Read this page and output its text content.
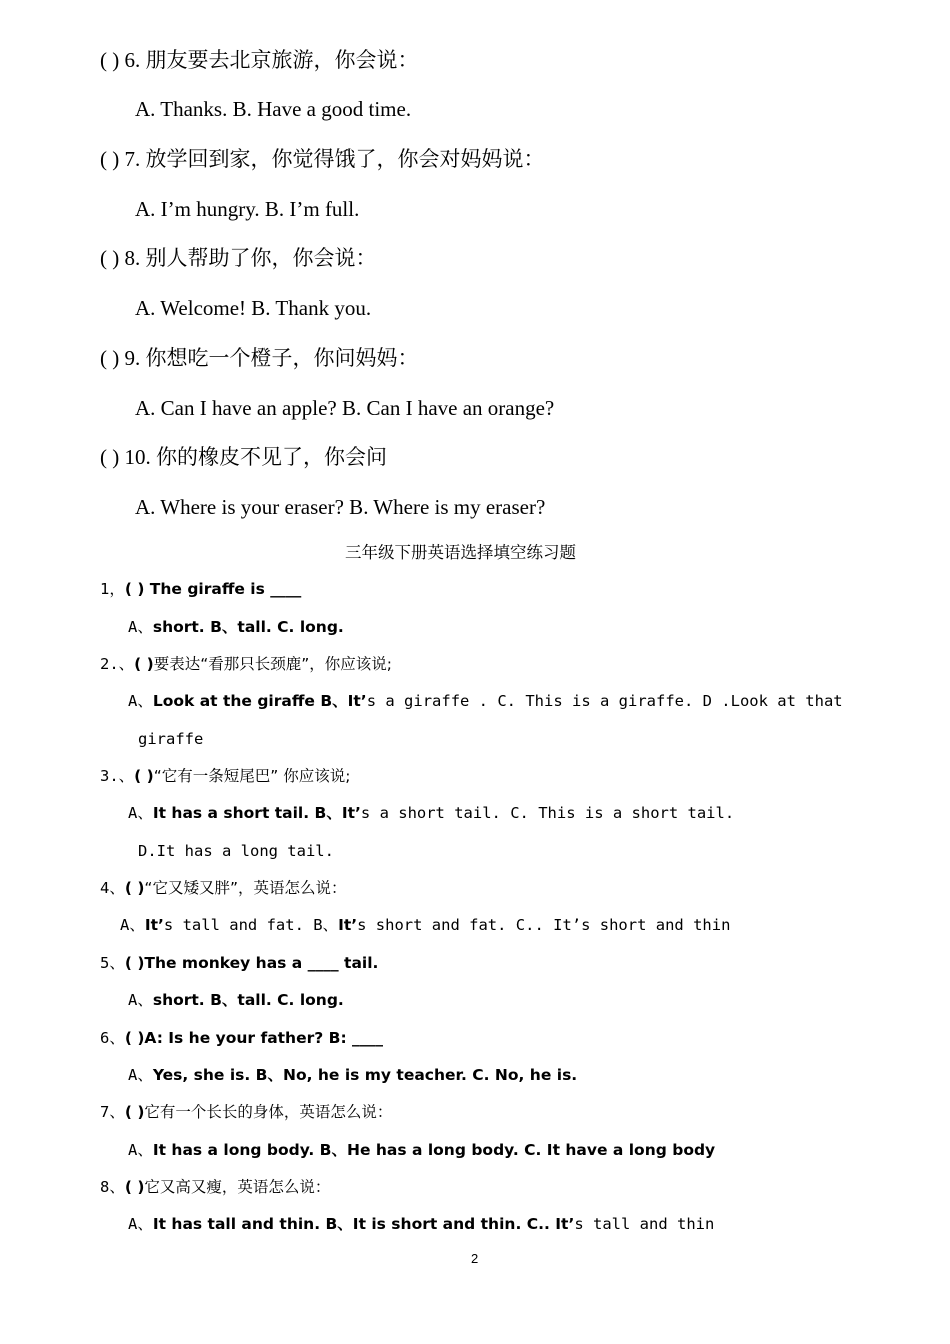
( ) 6. 朋友要去北京旅游，你会说：
A. Thanks. B. Have a good time.
( ) 7. 放学回到家，你觉得饿了，你会对妈妈说：
A. I’m hungry. B. I’m full.
( ) 8. 别人帮助了你，你会说：
A. Welcome! B. Thank you.
( ) 9. 你想吃一个橙子，你问妈妈：
A. Can I have an apple? B. Can I have an orange?
( ) 10. 你的橡皮不见了，你会问
A. Where is your eraser? B. Where is my eraser?
三年级下册英语选择填空练习题
1，( ) The giraffe is ____
A、short. B、tall. C. long.
2.、( )要表达“看那只长颈鹿”，你应该说;
A、Look at the giraffe B、It’s a giraffe . C. This is a giraffe. D .Look at that
giraffe
3.、( )“它有一条短尾巴” 你应该说;
A、It has a short tail. B、It’s a short tail. C. This is a short tail.
D.It has a long tail.
4、( )“它又矮又胖”，英语怎么说：
A、It’s tall and fat. B、It’s short and fat. C.. It’s short and thin
5、( )The monkey has a ____ tail.
A、short. B、tall. C. long.
6、( )A: Is he your father? B: ____
A、Yes, she is. B、No, he is my teacher. C. No, he is.
7、( )它有一个长长的身体，英语怎么说：
A、It has a long body. B、He has a long body. C. It have a long body
8、( )它又高又瘦，英语怎么说：
A、It has tall and thin. B、It is short and thin. C.. It’s tall and thin
2
